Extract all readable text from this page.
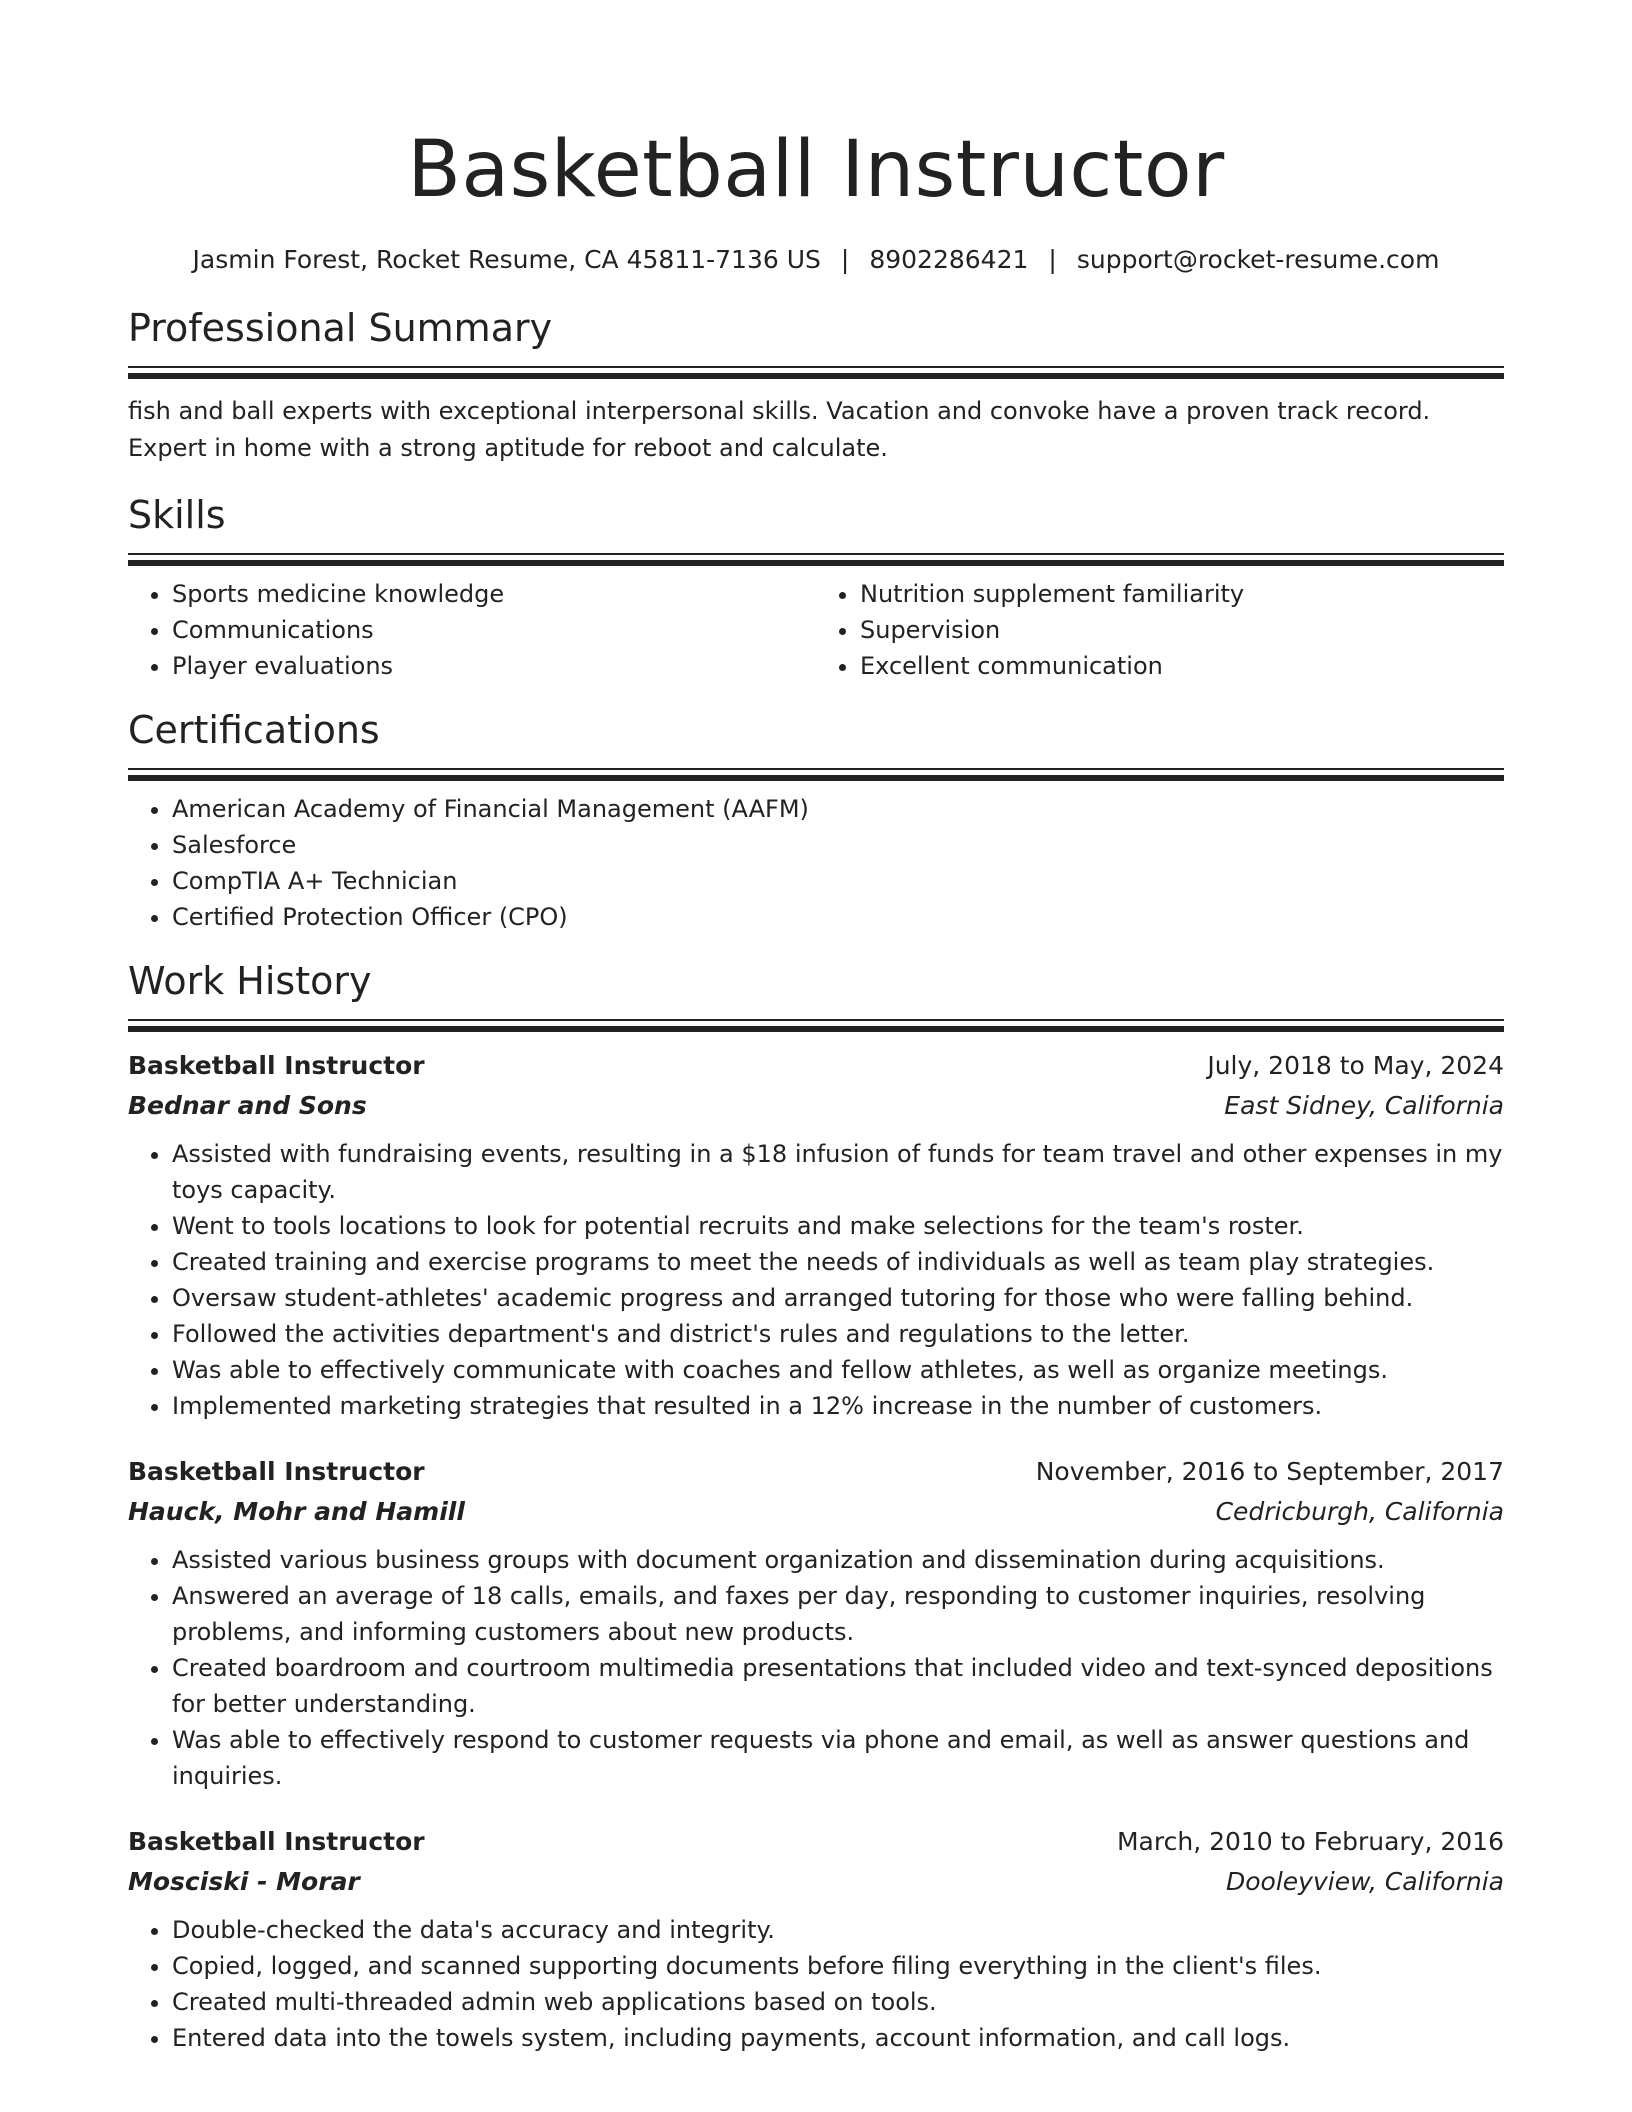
Basketball Instructor
Jasmin Forest, Rocket Resume, CA 45811-7136 US | 8902286421 | support@rocket-resume.com
Professional Summary
fish and ball experts with exceptional interpersonal skills. Vacation and convoke have a proven track record. Expert in home with a strong aptitude for reboot and calculate.
Skills
• Sports medicine knowledge
• Communications
• Player evaluations
• Nutrition supplement familiarity
• Supervision
• Excellent communication
Certifications
• American Academy of Financial Management (AAFM)
• Salesforce
• CompTIA A+ Technician
• Certified Protection Officer (CPO)
Work History
Basketball Instructor	July, 2018 to May, 2024
Bednar and Sons	East Sidney, California
• Assisted with fundraising events, resulting in a $18 infusion of funds for team travel and other expenses in my toys capacity.
• Went to tools locations to look for potential recruits and make selections for the team's roster.
• Created training and exercise programs to meet the needs of individuals as well as team play strategies.
• Oversaw student-athletes' academic progress and arranged tutoring for those who were falling behind.
• Followed the activities department's and district's rules and regulations to the letter.
• Was able to effectively communicate with coaches and fellow athletes, as well as organize meetings.
• Implemented marketing strategies that resulted in a 12% increase in the number of customers.
Basketball Instructor	November, 2016 to September, 2017
Hauck, Mohr and Hamill	Cedricburgh, California
• Assisted various business groups with document organization and dissemination during acquisitions.
• Answered an average of 18 calls, emails, and faxes per day, responding to customer inquiries, resolving problems, and informing customers about new products.
• Created boardroom and courtroom multimedia presentations that included video and text-synced depositions for better understanding.
• Was able to effectively respond to customer requests via phone and email, as well as answer questions and inquiries.
Basketball Instructor	March, 2010 to February, 2016
Mosciski - Morar	Dooleyview, California
• Double-checked the data's accuracy and integrity.
• Copied, logged, and scanned supporting documents before filing everything in the client's files.
• Created multi-threaded admin web applications based on tools.
• Entered data into the towels system, including payments, account information, and call logs.
